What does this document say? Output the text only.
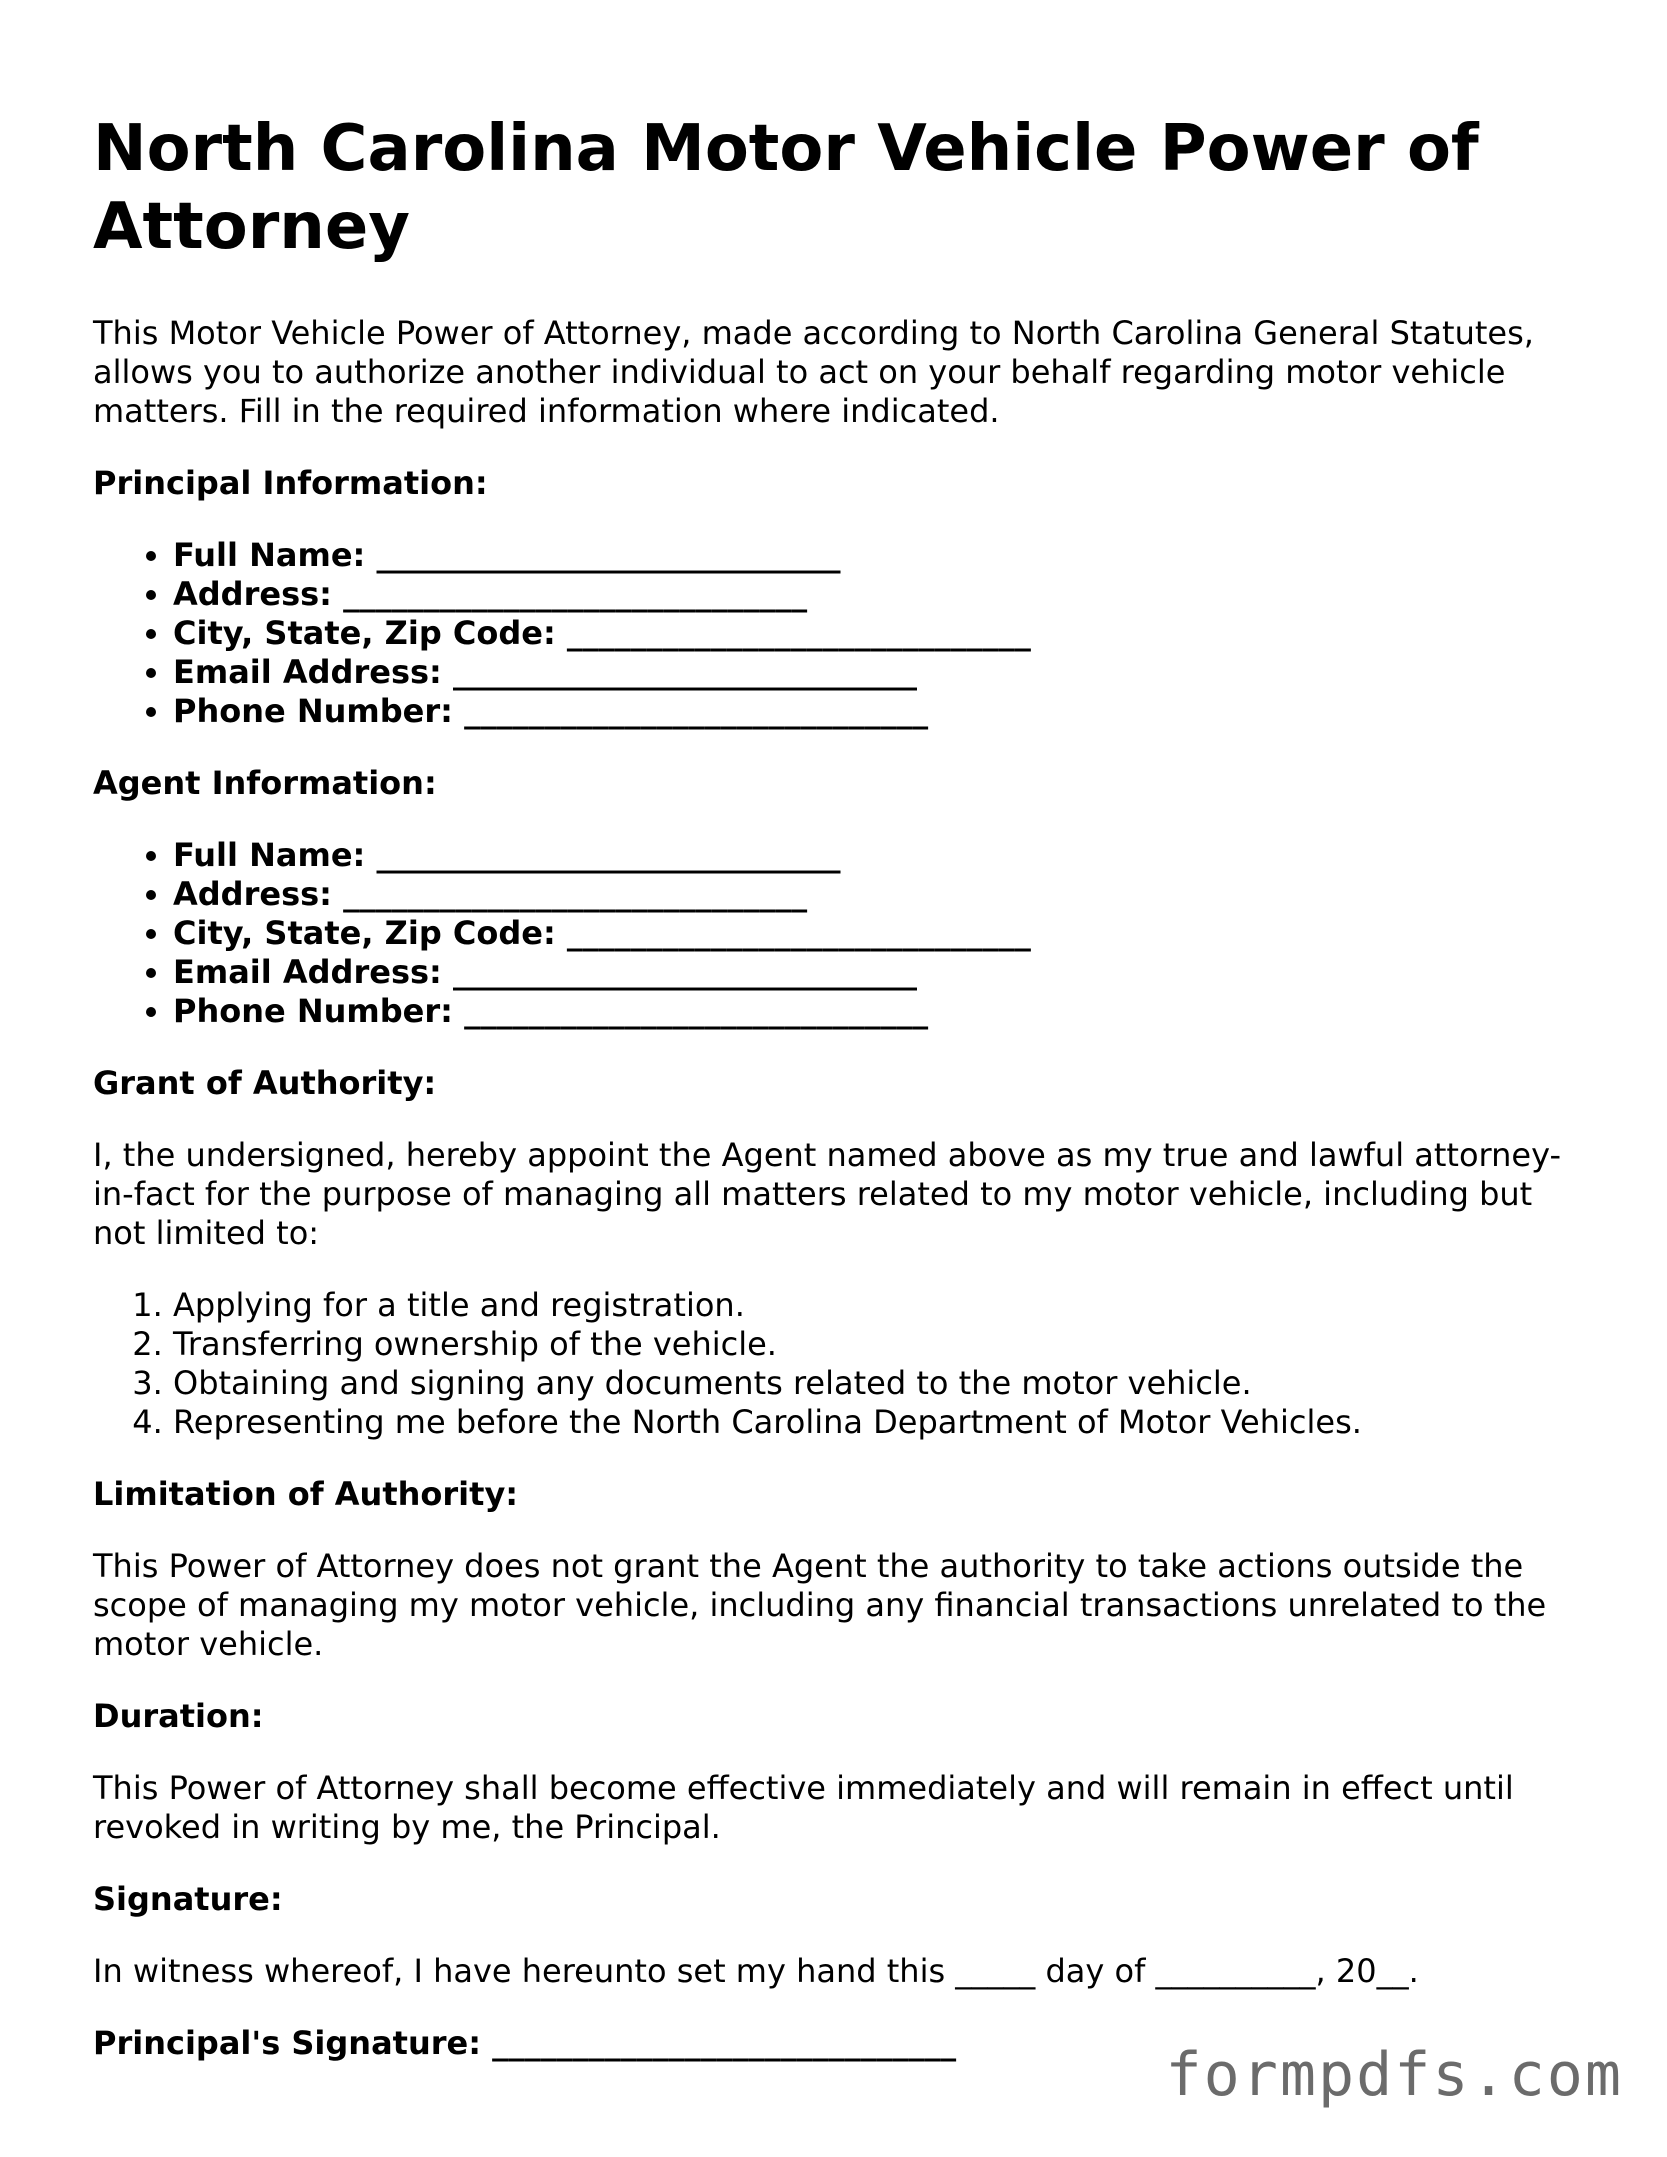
North Carolina Motor Vehicle Power of Attorney

This Motor Vehicle Power of Attorney, made according to North Carolina General Statutes, allows you to authorize another individual to act on your behalf regarding motor vehicle matters. Fill in the required information where indicated.

Principal Information:
• Full Name: _____________________________
• Address: _____________________________
• City, State, Zip Code: _____________________________
• Email Address: _____________________________
• Phone Number: _____________________________
Agent Information:
• Full Name: _____________________________
• Address: _____________________________
• City, State, Zip Code: _____________________________
• Email Address: _____________________________
• Phone Number: _____________________________
Grant of Authority:

I, the undersigned, hereby appoint the Agent named above as my true and lawful attorney-in-fact for the purpose of managing all matters related to my motor vehicle, including but not limited to:

1. Applying for a title and registration.
2. Transferring ownership of the vehicle.
3. Obtaining and signing any documents related to the motor vehicle.
4. Representing me before the North Carolina Department of Motor Vehicles.
Limitation of Authority:

This Power of Attorney does not grant the Agent the authority to take actions outside the scope of managing my motor vehicle, including any financial transactions unrelated to the motor vehicle.

Duration:

This Power of Attorney shall become effective immediately and will remain in effect until revoked in writing by me, the Principal.

Signature:

In witness whereof, I have hereunto set my hand this _____ day of __________, 20__.

Principal's Signature: _____________________________	formpdfs.com
